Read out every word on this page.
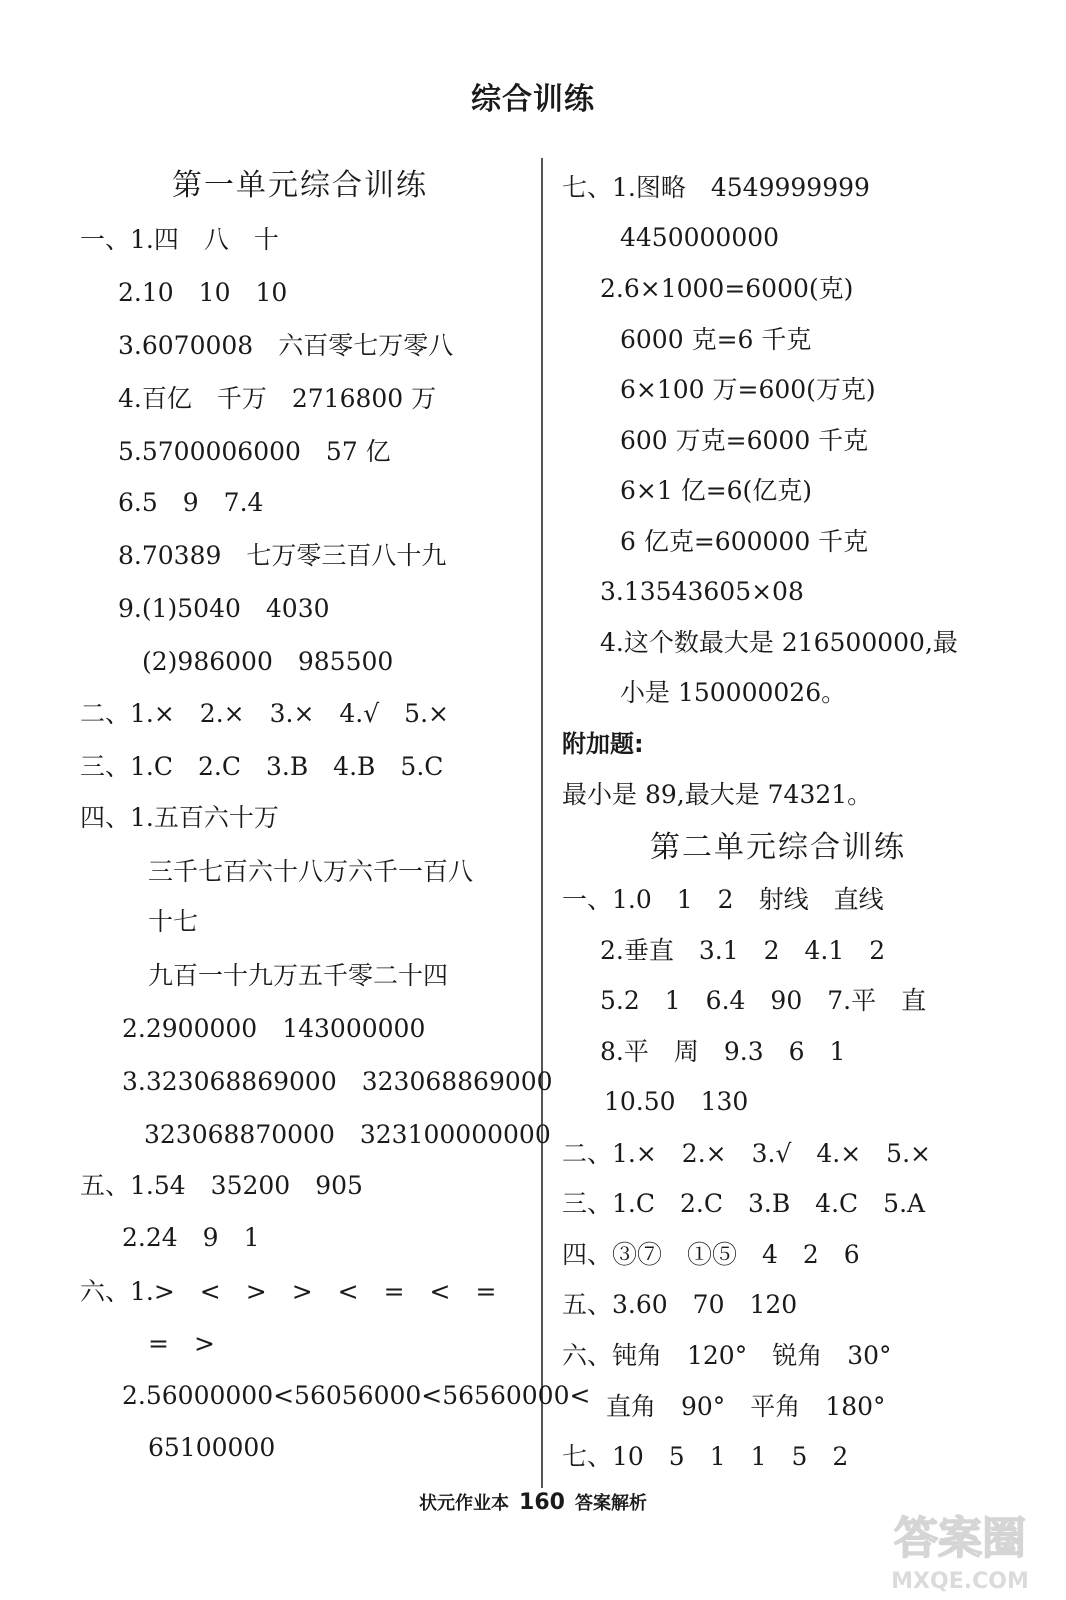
综合训练
第一单元综合训练
一、1.四　八　十
2.10　10　10
3.6070008　六百零七万零八
4.百亿　千万　2716800 万
5.5700006000　57 亿
6.5　9　7.4
8.70389　七万零三百八十九
9.(1)5040　4030
(2)986000　985500
二、1.×　2.×　3.×　4.√　5.×
三、1.C　2.C　3.B　4.B　5.C
四、1.五百六十万
三千七百六十八万六千一百八
十七
九百一十九万五千零二十四
2.2900000　143000000
3.323068869000　323068869000
323068870000　323100000000
五、1.54　35200　905
2.24　9　1
六、1.>　<　>　>　<　=　<　=
=　>
2.56000000<56056000<56560000<
65100000
七、1.图略　4549999999
4450000000
2.6×1000=6000(克)
6000 克=6 千克
6×100 万=600(万克)
600 万克=6000 千克
6×1 亿=6(亿克)
6 亿克=600000 千克
3.13543605×08
4.这个数最大是 216500000,最
小是 150000026。
附加题:
最小是 89,最大是 74321。
第二单元综合训练
一、1.0　1　2　射线　直线
2.垂直　3.1　2　4.1　2
5.2　1　6.4　90　7.平　直
8.平　周　9.3　6　1
10.50　130
二、1.×　2.×　3.√　4.×　5.×
三、1.C　2.C　3.B　4.C　5.A
四、③⑦　①⑤　4　2　6
五、3.60　70　120
六、钝角　120°　锐角　30°
直角　90°　平角　180°
七、10　5　1　1　5　2
状元作业本 160 答案解析
答案圈
MXQE.COM
